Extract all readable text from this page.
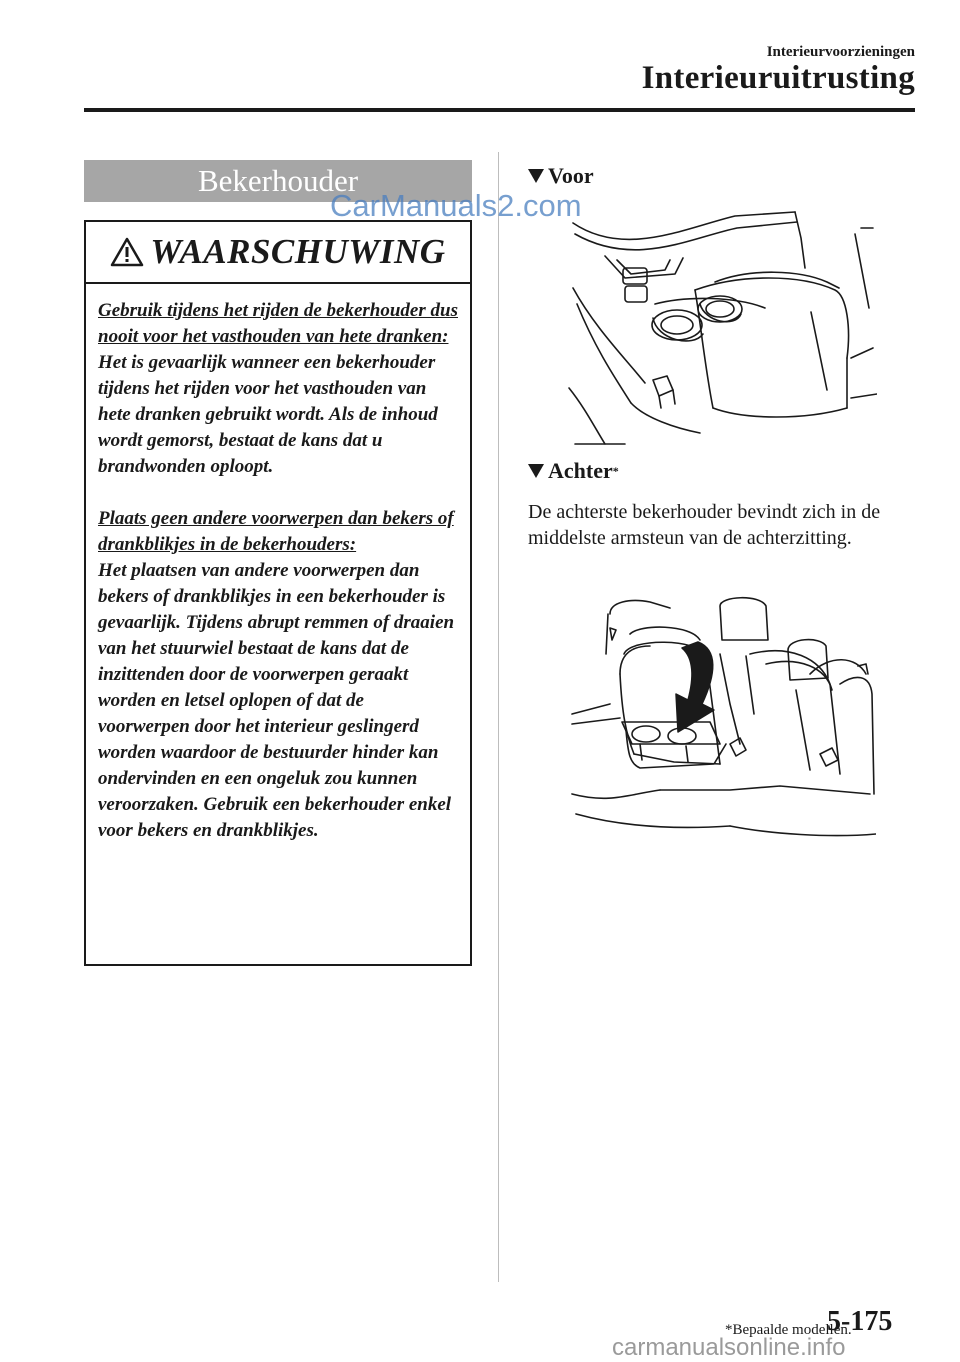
Interieurvoorzieningen
Interieuruitrusting
Bekerhouder
CarManuals2.com
WAARSCHUWING

Gebruik tijdens het rijden de bekerhouder dus nooit voor het vasthouden van hete dranken:

Het is gevaarlijk wanneer een bekerhouder tijdens het rijden voor het vasthouden van hete dranken gebruikt wordt. Als de inhoud wordt gemorst, bestaat de kans dat u brandwonden oploopt.

Plaats geen andere voorwerpen dan bekers of drankblikjes in de bekerhouders:

Het plaatsen van andere voorwerpen dan bekers of drankblikjes in een bekerhouder is gevaarlijk. Tijdens abrupt remmen of draaien van het stuurwiel bestaat de kans dat de inzittenden door de voorwerpen geraakt worden en letsel oplopen of dat de voorwerpen door het interieur geslingerd worden waardoor de bestuurder hinder kan ondervinden en een ongeluk zou kunnen veroorzaken. Gebruik een bekerhouder enkel voor bekers en drankblikjes.

Voor
Achter *
De achterste bekerhouder bevindt zich in de middelste armsteun van de achterzitting.
*Bepaalde modellen.
5-175
carmanualsonline.info
